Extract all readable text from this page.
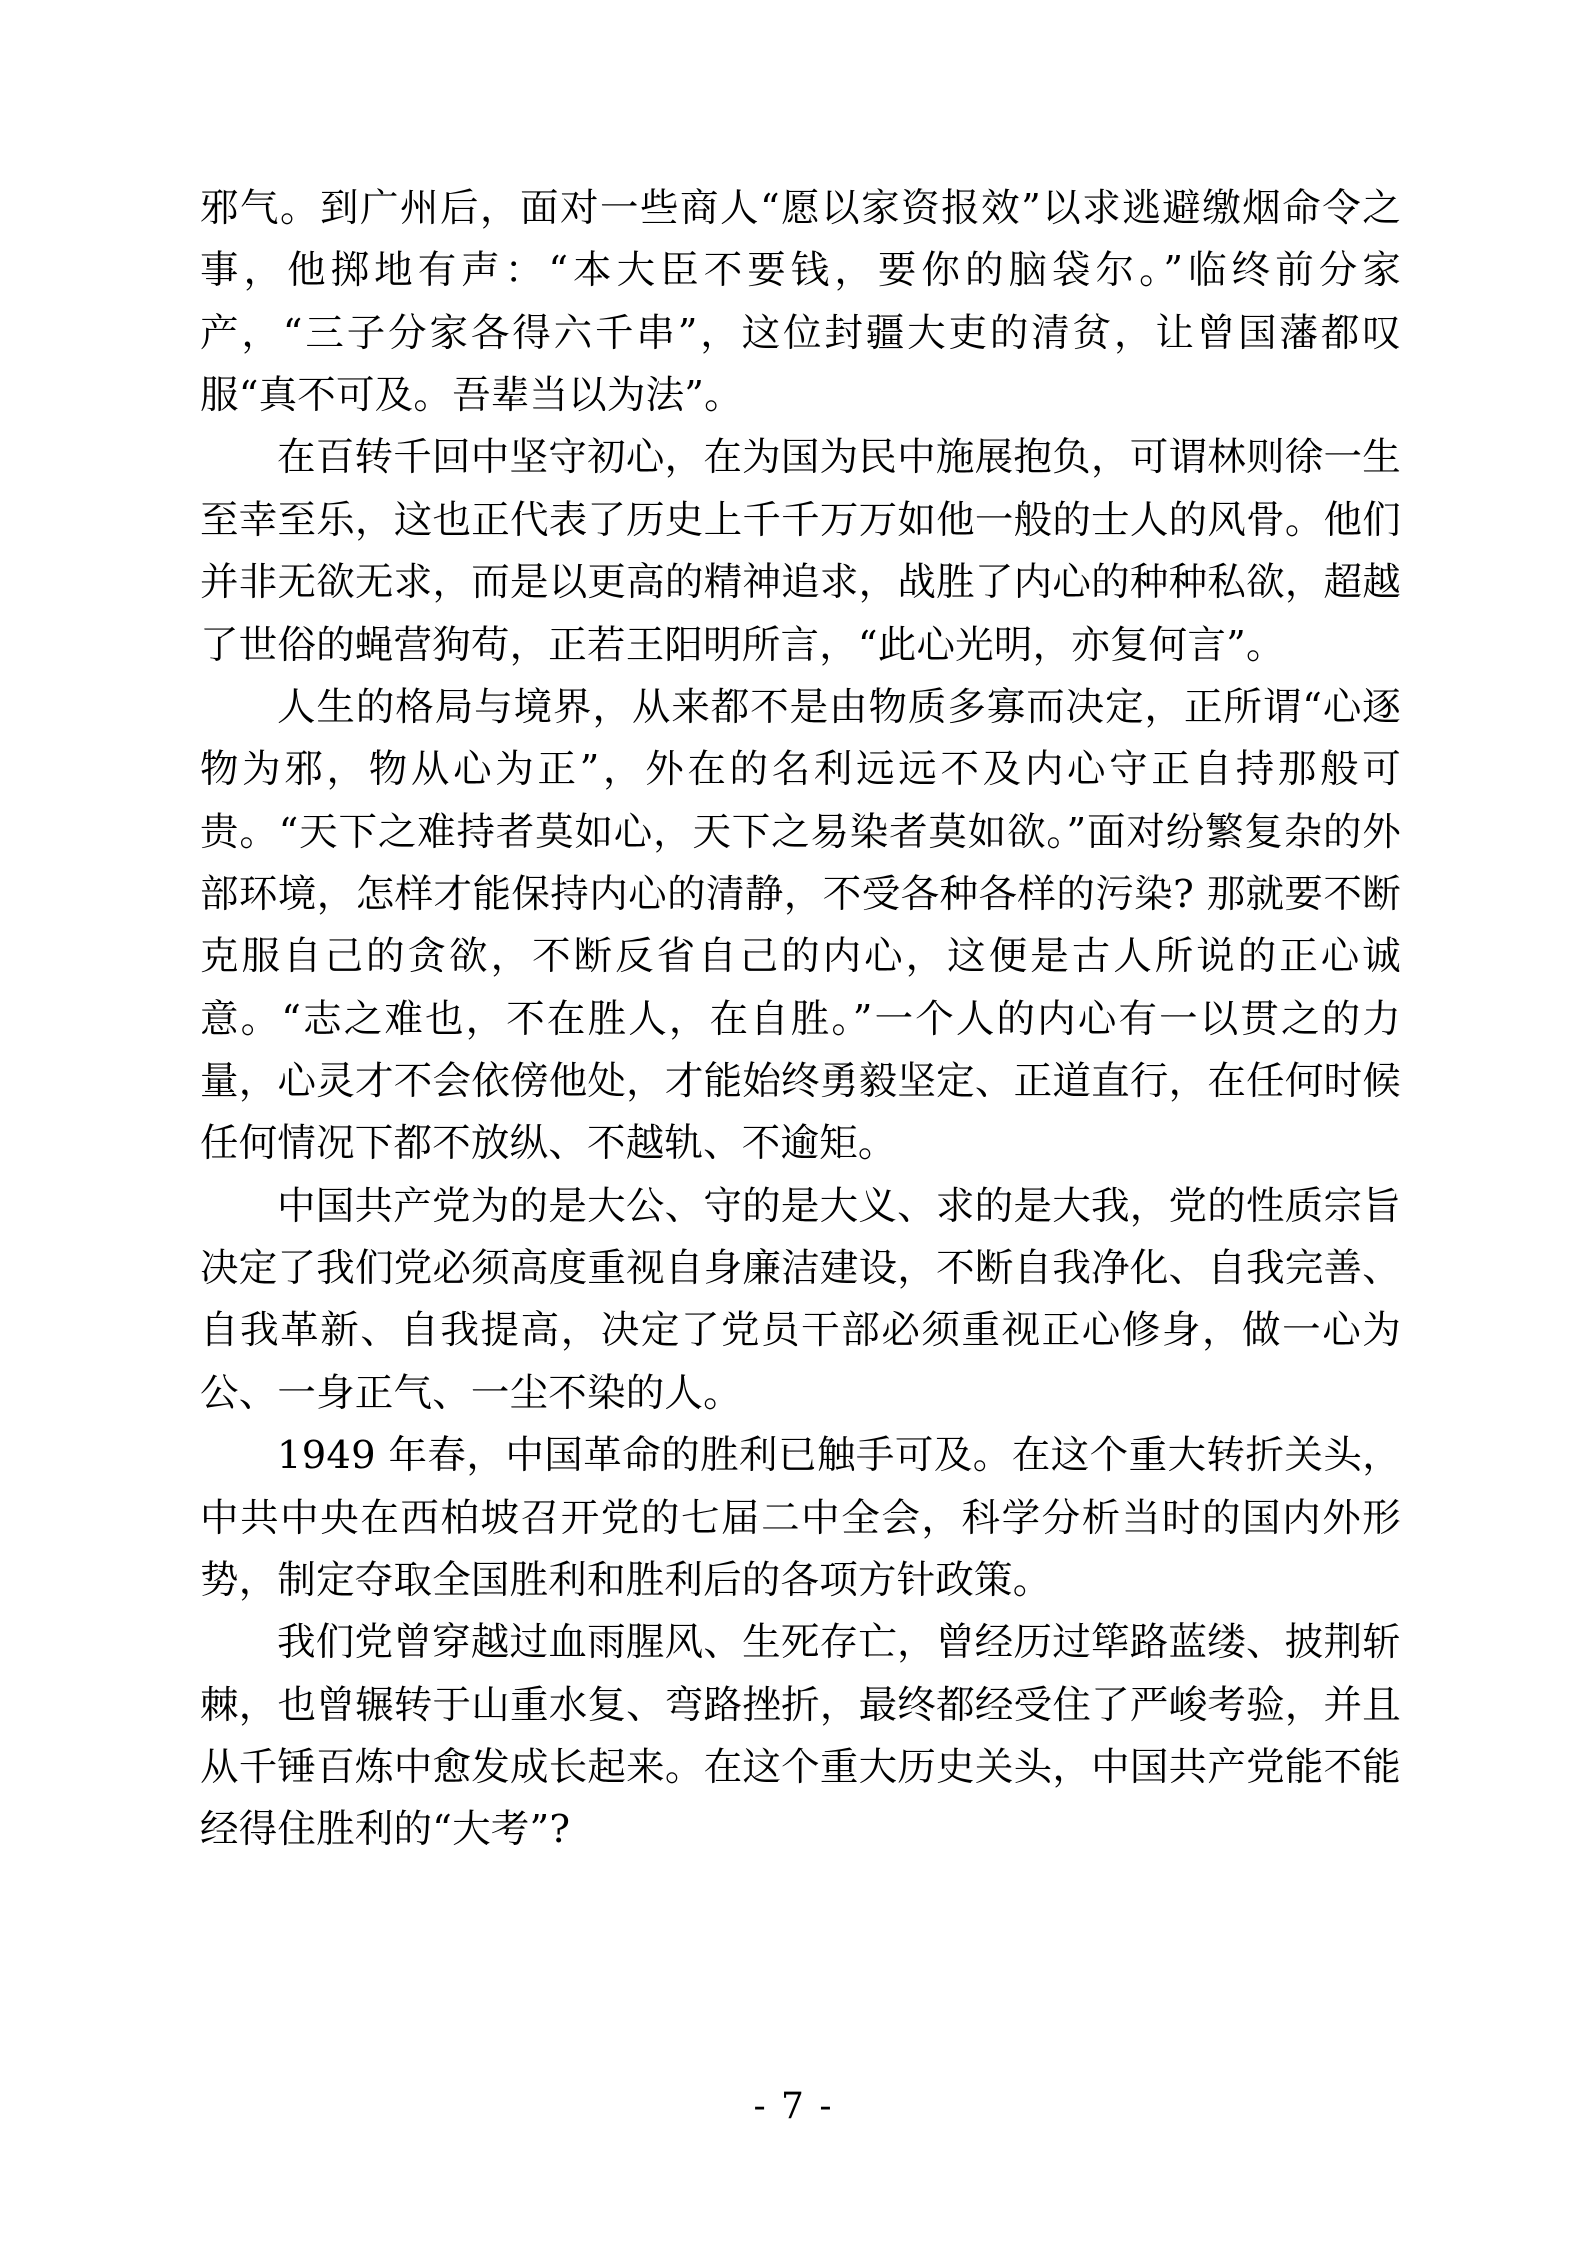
邪气。到广州后，面对一些商人“愿以家资报效”以求逃避缴烟命令之事，他掷地有声：“本大臣不要钱，要你的脑袋尔。”临终前分家产，“三子分家各得六千串”，这位封疆大吏的清贫，让曾国藩都叹服“真不可及。吾辈当以为法”。

在百转千回中坚守初心，在为国为民中施展抱负，可谓林则徐一生至幸至乐，这也正代表了历史上千千万万如他一般的士人的风骨。他们并非无欲无求，而是以更高的精神追求，战胜了内心的种种私欲，超越了世俗的蝇营狗苟，正若王阳明所言，“此心光明，亦复何言”。

人生的格局与境界，从来都不是由物质多寡而决定，正所谓“心逐物为邪，物从心为正”，外在的名利远远不及内心守正自持那般可贵。“天下之难持者莫如心，天下之易染者莫如欲。”面对纷繁复杂的外部环境，怎样才能保持内心的清静，不受各种各样的污染? 那就要不断克服自己的贪欲，不断反省自己的内心，这便是古人所说的正心诚意。“志之难也，不在胜人，在自胜。”一个人的内心有一以贯之的力量，心灵才不会依傍他处，才能始终勇毅坚定、正道直行，在任何时候任何情况下都不放纵、不越轨、不逾矩。

中国共产党为的是大公、守的是大义、求的是大我，党的性质宗旨决定了我们党必须高度重视自身廉洁建设，不断自我净化、自我完善、自我革新、自我提高，决定了党员干部必须重视正心修身，做一心为公、一身正气、一尘不染的人。

1949 年春，中国革命的胜利已触手可及。在这个重大转折关头，中共中央在西柏坡召开党的七届二中全会，科学分析当时的国内外形势，制定夺取全国胜利和胜利后的各项方针政策。

我们党曾穿越过血雨腥风、生死存亡，曾经历过筚路蓝缕、披荆斩棘，也曾辗转于山重水复、弯路挫折，最终都经受住了严峻考验，并且从千锤百炼中愈发成长起来。在这个重大历史关头，中国共产党能不能经得住胜利的“大考”?

- 7 -
